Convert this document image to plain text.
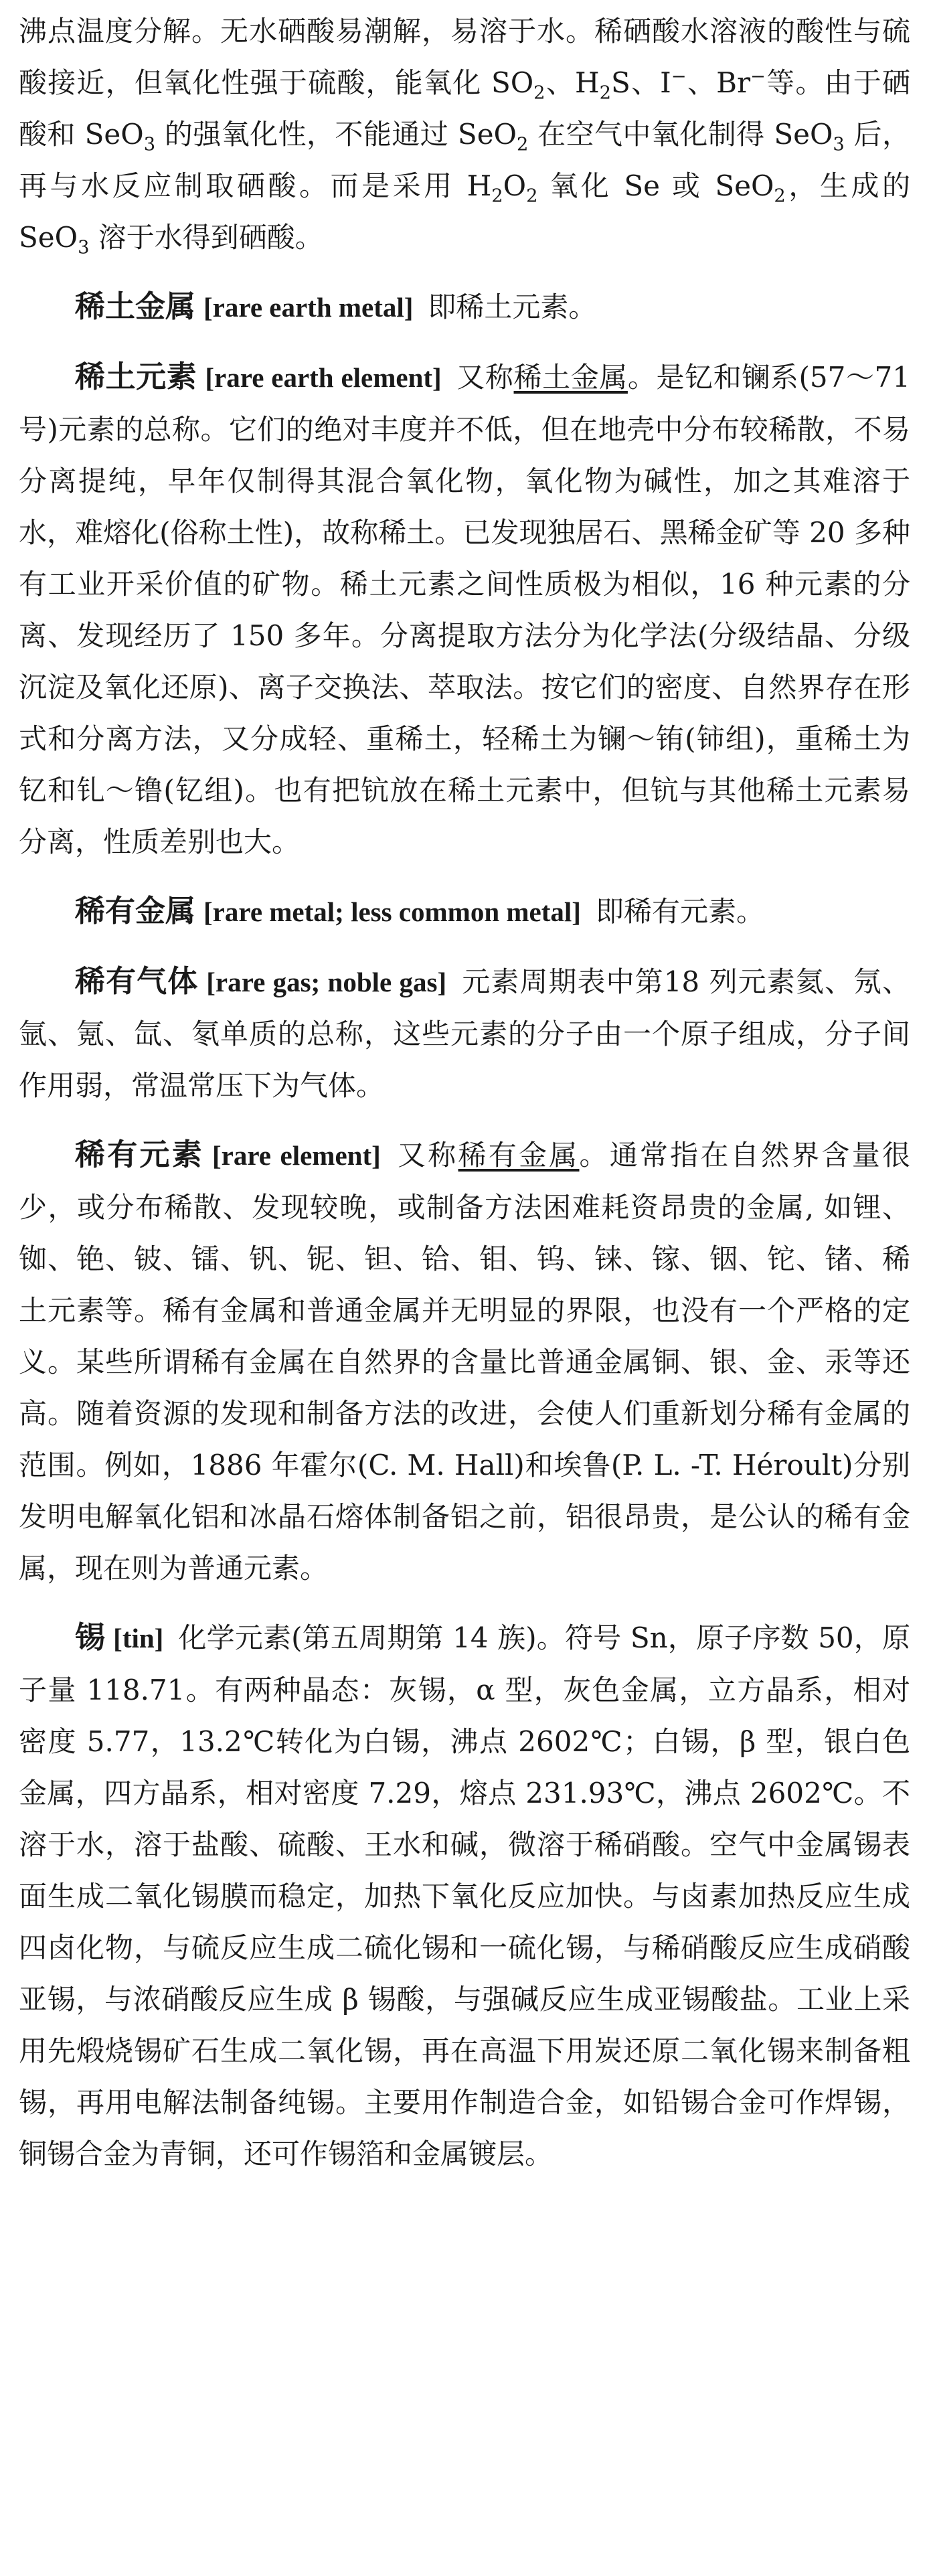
沸点温度分解。无水硒酸易潮解，易溶于水。稀硒酸水溶液的酸性与硫酸接近，但氧化性强于硫酸，能氧化 $SO_2$、$H_2S$、I−、Br−等。由于硒酸和 SeO$_3$ 的强氧化性，不能通过 SeO$_2$ 在空气中氧化制得 SeO$_3$ 后，再与水反应制取硒酸。而是采用 $H_2O_2$ 氧化 Se 或 SeO$_2$，生成的 SeO$_3$ 溶于水得到硒酸。

稀土金属 [rare earth metal] 即稀土元素。

稀土元素 [rare earth element] 又称稀土金属。是钇和镧系(57～71 号)元素的总称。它们的绝对丰度并不低，但在地壳中分布较稀散，不易分离提纯，早年仅制得其混合氧化物，氧化物为碱性，加之其难溶于水，难熔化(俗称土性)，故称稀土。已发现独居石、黑稀金矿等 20 多种有工业开采价值的矿物。稀土元素之间性质极为相似，16 种元素的分离、发现经历了 150 多年。分离提取方法分为化学法(分级结晶、分级沉淀及氧化还原)、离子交换法、萃取法。按它们的密度、自然界存在形式和分离方法，又分成轻、重稀土，轻稀土为镧～铕(铈组)，重稀土为钇和钆～镥(钇组)。也有把钪放在稀土元素中，但钪与其他稀土元素易分离，性质差别也大。

稀有金属 [rare metal; less common metal] 即稀有元素。

稀有气体 [rare gas; noble gas] 元素周期表中第18 列元素氦、氖、氩、氪、氙、氡单质的总称，这些元素的分子由一个原子组成，分子间作用弱，常温常压下为气体。

稀有元素 [rare element] 又称稀有金属。通常指在自然界含量很少，或分布稀散、发现较晚，或制备方法困难耗资昂贵的金属, 如锂、铷、铯、铍、镭、钒、铌、钽、铪、钼、钨、铼、镓、铟、铊、锗、稀土元素等。稀有金属和普通金属并无明显的界限，也没有一个严格的定义。某些所谓稀有金属在自然界的含量比普通金属铜、银、金、汞等还高。随着资源的发现和制备方法的改进，会使人们重新划分稀有金属的范围。例如，1886 年霍尔(C. M. Hall)和埃鲁(P. L. -T. Héroult)分别发明电解氧化铝和冰晶石熔体制备铝之前，铝很昂贵，是公认的稀有金属，现在则为普通元素。

锡 [tin] 化学元素(第五周期第 14 族)。符号 Sn，原子序数 50，原子量 118.71。有两种晶态：灰锡，α 型，灰色金属，立方晶系，相对密度 5.77，13.2℃转化为白锡，沸点 2602℃；白锡，β 型，银白色金属，四方晶系，相对密度 7.29，熔点 231.93℃，沸点 2602℃。不溶于水，溶于盐酸、硫酸、王水和碱，微溶于稀硝酸。空气中金属锡表面生成二氧化锡膜而稳定，加热下氧化反应加快。与卤素加热反应生成四卤化物，与硫反应生成二硫化锡和一硫化锡，与稀硝酸反应生成硝酸亚锡，与浓硝酸反应生成 β 锡酸，与强碱反应生成亚锡酸盐。工业上采用先煅烧锡矿石生成二氧化锡，再在高温下用炭还原二氧化锡来制备粗锡，再用电解法制备纯锡。主要用作制造合金，如铅锡合金可作焊锡，铜锡合金为青铜，还可作锡箔和金属镀层。
